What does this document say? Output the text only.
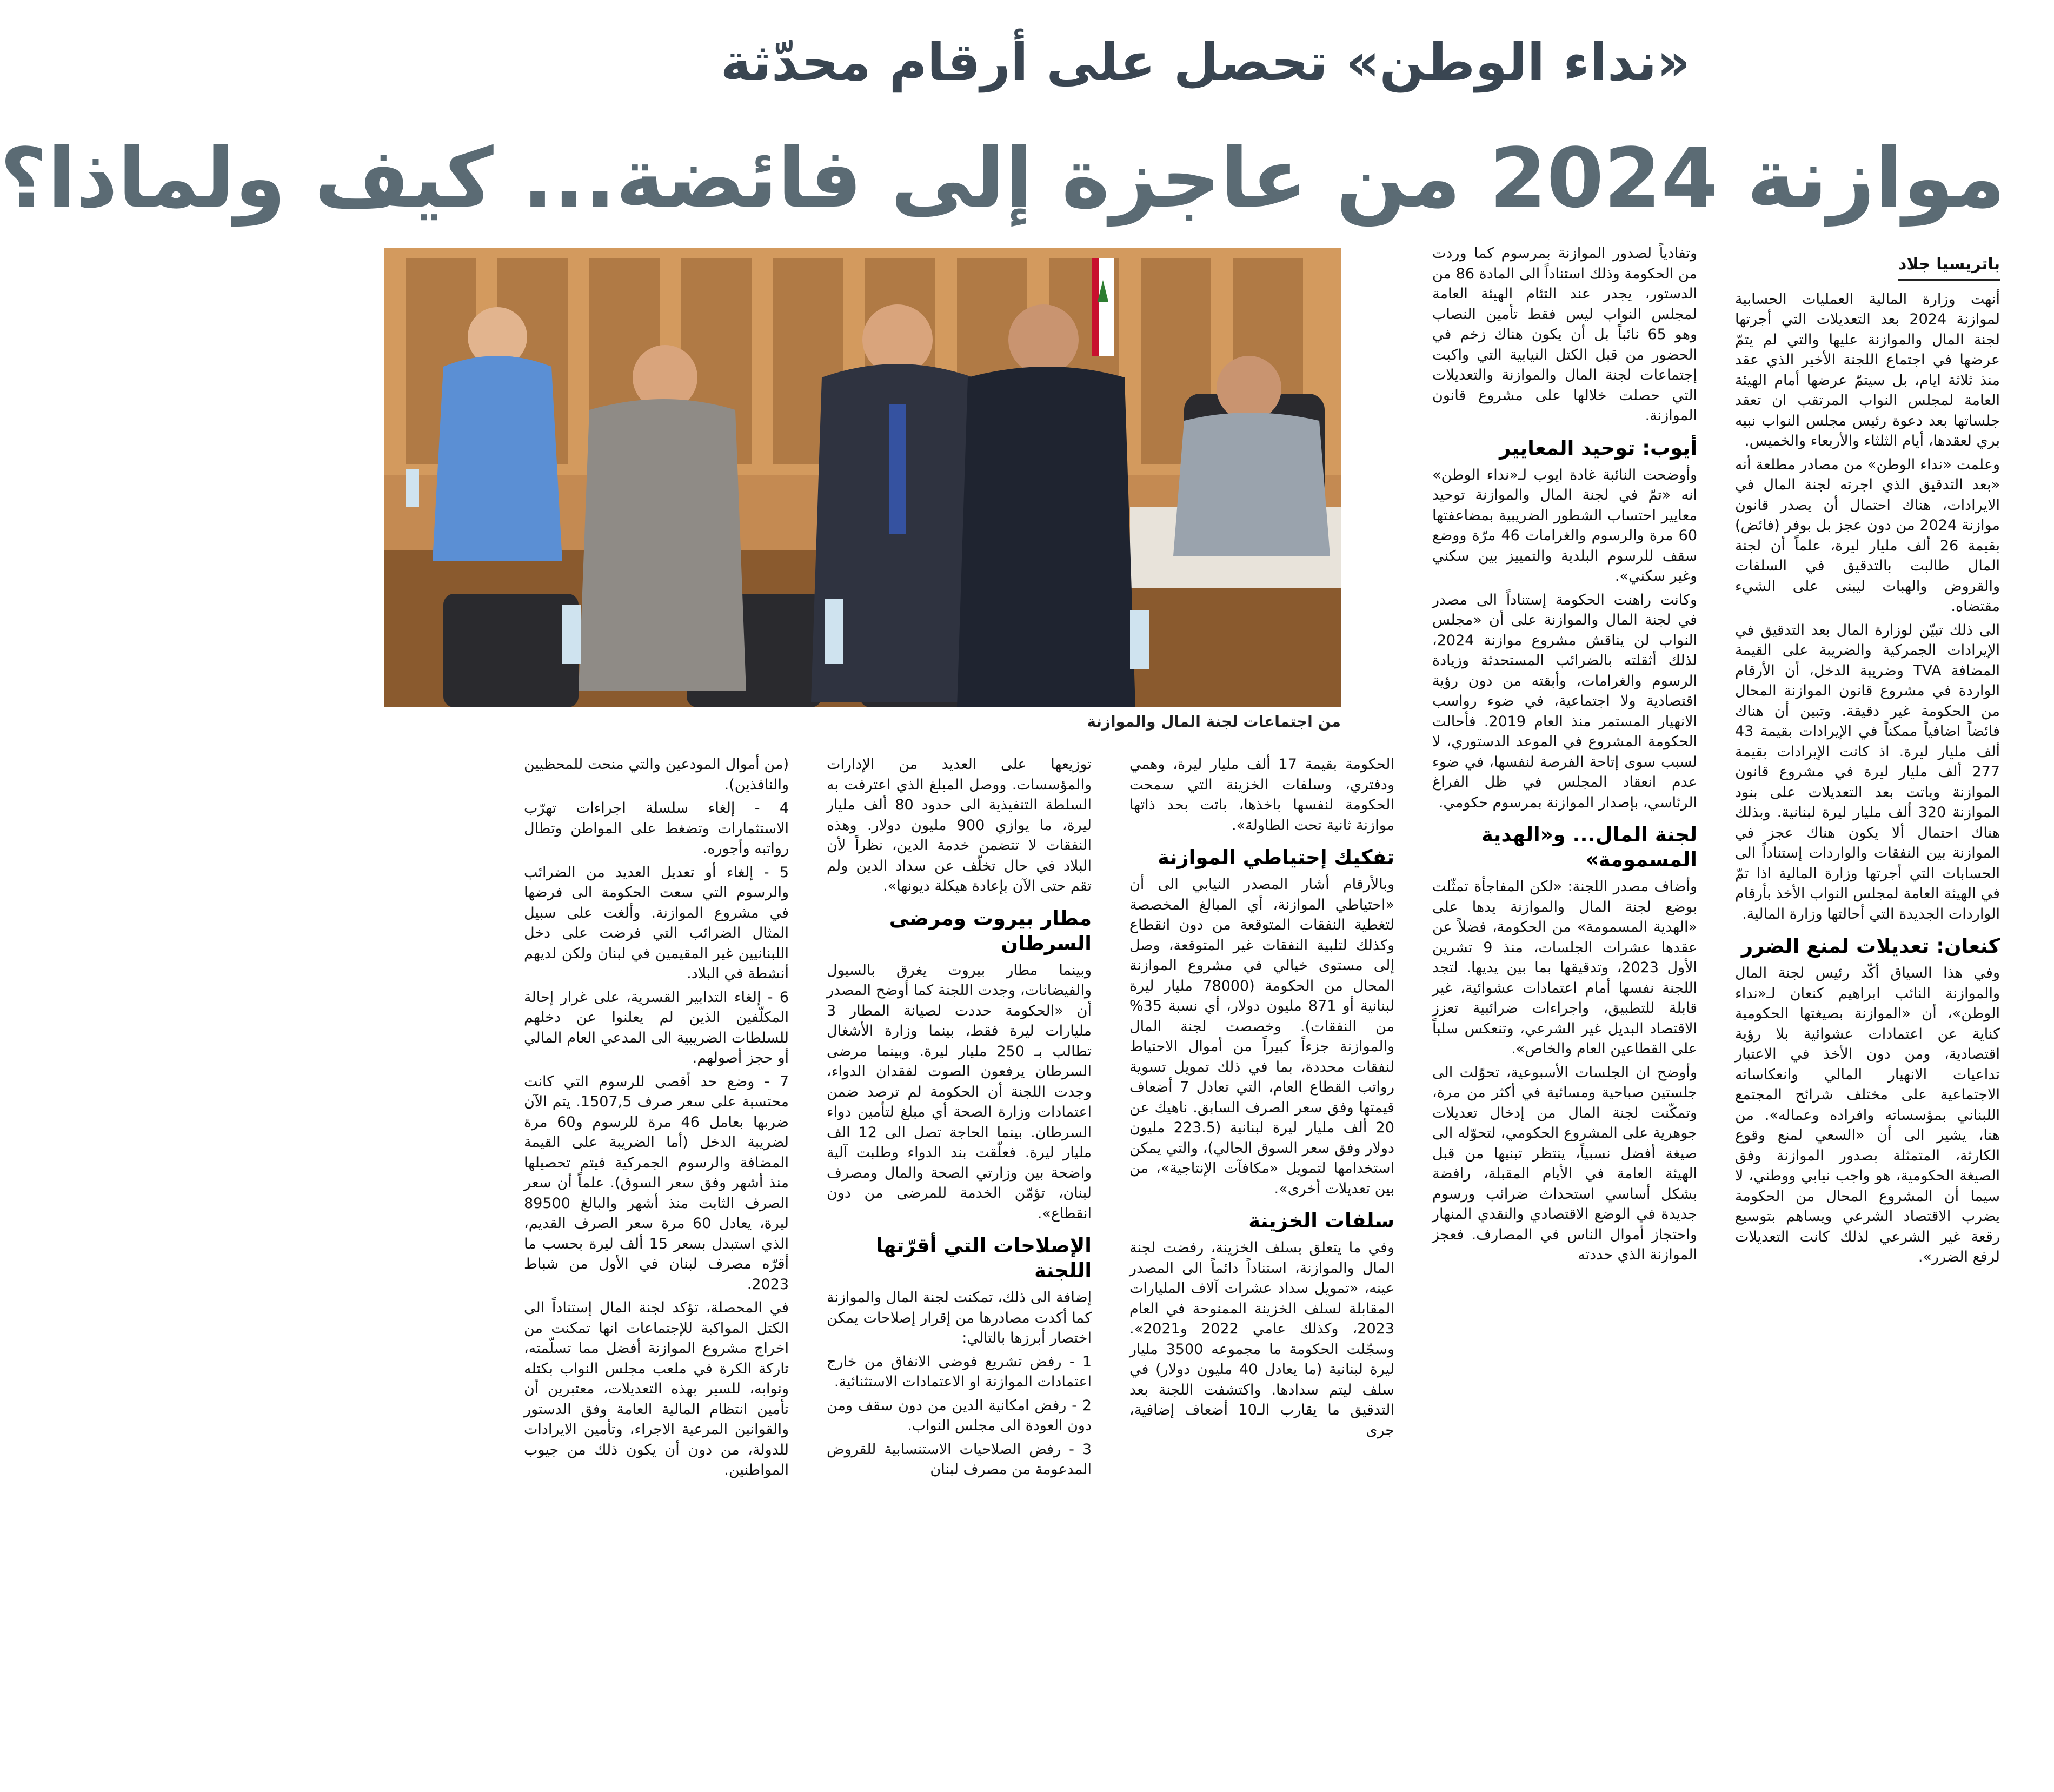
«نداء الوطن» تحصل على أرقام محدّثة
موازنة 2024 من عاجزة إلى فائضة... كيف ولماذا؟
باتريسيا جلاد

أنهت وزارة المالية العمليات الحسابية لموازنة 2024 بعد التعديلات التي أجرتها لجنة المال والموازنة عليها والتي لم يتمّ عرضها في اجتماع اللجنة الأخير الذي عقد منذ ثلاثة ايام، بل سيتمّ عرضها أمام الهيئة العامة لمجلس النواب المرتقب ان تعقد جلساتها بعد دعوة رئيس مجلس النواب نبيه بري لعقدها، أيام الثلثاء والأربعاء والخميس.

وعلمت «نداء الوطن» من مصادر مطلعة أنه «بعد التدقيق الذي اجرته لجنة المال في الايرادات، هناك احتمال أن يصدر قانون موازنة 2024 من دون عجز بل بوفر (فائض) بقيمة 26 ألف مليار ليرة، علماً أن لجنة المال طالبت بالتدقيق في السلفات والقروض والهبات ليبنى على الشيء مقتضاه.

الى ذلك تبيّن لوزارة المال بعد التدقيق في الإيرادات الجمركية والضريبة على القيمة المضافة TVA وضريبة الدخل، أن الأرقام الواردة في مشروع قانون الموازنة المحال من الحكومة غير دقيقة. وتبين أن هناك فائضاً اضافياً ممكناً في الإيرادات بقيمة 43 ألف مليار ليرة. اذ كانت الإيرادات بقيمة 277 ألف مليار ليرة في مشروع قانون الموازنة وباتت بعد التعديلات على بنود الموازنة 320 ألف مليار ليرة لبنانية. وبذلك هناك احتمال ألا يكون هناك عجز في الموازنة بين النفقات والواردات إستناداً الى الحسابات التي أجرتها وزارة المالية اذا تمّ في الهيئة العامة لمجلس النواب الأخذ بأرقام الواردات الجديدة التي أحالتها وزارة المالية.

كنعان: تعديلات لمنع الضرر

وفي هذا السياق أكّد رئيس لجنة المال والموازنة النائب ابراهيم كنعان لـ«نداء الوطن»، أن «الموازنة بصيغتها الحكومية كناية عن اعتمادات عشوائية بلا رؤية اقتصادية، ومن دون الأخذ في الاعتبار تداعيات الانهيار المالي وانعكاساته الاجتماعية على مختلف شرائح المجتمع اللبناني بمؤسساته وافراده وعماله». من هنا، يشير الى أن «السعي لمنع وقوع الكارثة، المتمثلة بصدور الموازنة وفق الصيغة الحكومية، هو واجب نيابي ووطني، لا سيما أن المشروع المحال من الحكومة يضرب الاقتصاد الشرعي ويساهم بتوسيع رقعة غير الشرعي لذلك كانت التعديلات لرفع الضرر».

وتفادياً لصدور الموازنة بمرسوم كما وردت من الحكومة وذلك استناداً الى المادة 86 من الدستور، يجدر عند التئام الهيئة العامة لمجلس النواب ليس فقط تأمين النصاب وهو 65 نائباً بل أن يكون هناك زخم في الحضور من قبل الكتل النيابية التي واكبت إجتماعات لجنة المال والموازنة والتعديلات التي حصلت خلالها على مشروع قانون الموازنة.

أيوب: توحيد المعايير

وأوضحت النائبة غادة ايوب لـ«نداء الوطن» انه «تمّ في لجنة المال والموازنة توحيد معايير احتساب الشطور الضريبية بمضاعفتها 60 مرة والرسوم والغرامات 46 مرّة ووضع سقف للرسوم البلدية والتمييز بين سكني وغير سكني».

وكانت راهنت الحكومة إستناداً الى مصدر في لجنة المال والموازنة على أن «مجلس النواب لن يناقش مشروع موازنة 2024، لذلك أثقلته بالضرائب المستحدثة وزيادة الرسوم والغرامات، وأبقته من دون رؤية اقتصادية ولا اجتماعية، في ضوء رواسب الانهيار المستمر منذ العام 2019. فأحالت الحكومة المشروع في الموعد الدستوري، لا لسبب سوى إتاحة الفرصة لنفسها، في ضوء عدم انعقاد المجلس في ظل الفراغ الرئاسي، بإصدار الموازنة بمرسوم حكومي.

لجنة المال... و«الهدية المسمومة»

وأضاف مصدر اللجنة: «لكن المفاجأة تمثّلت بوضع لجنة المال والموازنة يدها على «الهدية المسمومة» من الحكومة، فضلاً عن عقدها عشرات الجلسات، منذ 9 تشرين الأول 2023، وتدقيقها بما بين يديها. لتجد اللجنة نفسها أمام اعتمادات عشوائية، غير قابلة للتطبيق، واجراءات ضرائبية تعزز الاقتصاد البديل غير الشرعي، وتنعكس سلباً على القطاعين العام والخاص».

وأوضح ان الجلسات الأسبوعية، تحوّلت الى جلستين صباحية ومسائية في أكثر من مرة، وتمكّنت لجنة المال من إدخال تعديلات جوهرية على المشروع الحكومي، لتحوّله الى صيغة أفضل نسبياً، ينتظر تبنيها من قبل الهيئة العامة في الأيام المقبلة، رافضة بشكل أساسي استحداث ضرائب ورسوم جديدة في الوضع الاقتصادي والنقدي المنهار واحتجاز أموال الناس في المصارف. فعجز الموازنة الذي حددته

من اجتماعات لجنة المال والموازنة

الحكومة بقيمة 17 ألف مليار ليرة، وهمي ودفتري، وسلفات الخزينة التي سمحت الحكومة لنفسها باخذها، باتت بحد ذاتها موازنة ثانية تحت الطاولة».

تفكيك إحتياطي الموازنة

وبالأرقام أشار المصدر النيابي الى أن «احتياطي الموازنة، أي المبالغ المخصصة لتغطية النفقات المتوقعة من دون انقطاع وكذلك لتلبية النفقات غير المتوقعة، وصل إلى مستوى خيالي في مشروع الموازنة المحال من الحكومة (78000 مليار ليرة لبنانية أو 871 مليون دولار، أي نسبة 35% من النفقات). وخصصت لجنة المال والموازنة جزءاً كبيراً من أموال الاحتياط لنفقات محددة، بما في ذلك تمويل تسوية رواتب القطاع العام، التي تعادل 7 أضعاف قيمتها وفق سعر الصرف السابق. ناهيك عن 20 ألف مليار ليرة لبنانية (223.5 مليون دولار وفق سعر السوق الحالي)، والتي يمكن استخدامها لتمويل «مكافآت الإنتاجية»، من بين تعديلات أخرى».

سلفات الخزينة

وفي ما يتعلق بسلف الخزينة، رفضت لجنة المال والموازنة، استناداً دائماً الى المصدر عينه، «تمويل سداد عشرات آلاف المليارات المقابلة لسلف الخزينة الممنوحة في العام 2023، وكذلك عامي 2022 و2021». وسجّلت الحكومة ما مجموعه 3500 مليار ليرة لبنانية (ما يعادل 40 مليون دولار) في سلف ليتم سدادها. واكتشفت اللجنة بعد التدقيق ما يقارب الـ10 أضعاف إضافية، جرى

توزيعها على العديد من الإدارات والمؤسسات. ووصل المبلغ الذي اعترفت به السلطة التنفيذية الى حدود 80 ألف مليار ليرة، ما يوازي 900 مليون دولار. وهذه النفقات لا تتضمن خدمة الدين، نظراً لأن البلاد في حال تخلّف عن سداد الدين ولم تقم حتى الآن بإعادة هيكلة ديونها».

مطار بيروت ومرضى السرطان

وبينما مطار بيروت يغرق بالسيول والفيضانات، وجدت اللجنة كما أوضح المصدر أن «الحكومة حددت لصيانة المطار 3 مليارات ليرة فقط، بينما وزارة الأشغال تطالب بـ 250 مليار ليرة. وبينما مرضى السرطان يرفعون الصوت لفقدان الدواء، وجدت اللجنة أن الحكومة لم ترصد ضمن اعتمادات وزارة الصحة أي مبلغ لتأمين دواء السرطان. بينما الحاجة تصل الى 12 الف مليار ليرة. فعلّقت بند الدواء وطلبت آلية واضحة بين وزارتي الصحة والمال ومصرف لبنان، تؤمّن الخدمة للمرضى من دون انقطاع».

الإصلاحات التي أقرّتها اللجنة

إضافة الى ذلك، تمكنت لجنة المال والموازنة كما أكدت مصادرها من إقرار إصلاحات يمكن اختصار أبرزها بالتالي:

1 - رفض تشريع فوضى الانفاق من خارج اعتمادات الموازنة او الاعتمادات الاستثنائية.

2 - رفض امكانية الدين من دون سقف ومن دون العودة الى مجلس النواب.

3 - رفض الصلاحيات الاستنسابية للقروض المدعومة من مصرف لبنان

(من أموال المودعين والتي منحت للمحظيين والنافذين).

4 - إلغاء سلسلة اجراءات تهرّب الاستثمارات وتضغط على المواطن وتطال رواتبه وأجوره.

5 - إلغاء أو تعديل العديد من الضرائب والرسوم التي سعت الحكومة الى فرضها في مشروع الموازنة. وألغت على سبيل المثال الضرائب التي فرضت على دخل اللبنانيين غير المقيمين في لبنان ولكن لديهم أنشطة في البلاد.

6 - إلغاء التدابير القسرية، على غرار إحالة المكلّفين الذين لم يعلنوا عن دخلهم للسلطات الضريبية الى المدعي العام المالي أو حجز أصولهم.

7 - وضع حد أقصى للرسوم التي كانت محتسبة على سعر صرف 1507,5. يتم الآن ضربها بعامل 46 مرة للرسوم و60 مرة لضريبة الدخل (أما الضريبة على القيمة المضافة والرسوم الجمركية فيتم تحصيلها منذ أشهر وفق سعر السوق). علماً أن سعر الصرف الثابت منذ أشهر والبالغ 89500 ليرة، يعادل 60 مرة سعر الصرف القديم، الذي استبدل بسعر 15 ألف ليرة بحسب ما أقرّه مصرف لبنان في الأول من شباط 2023.

في المحصلة، تؤكد لجنة المال إستناداً الى الكتل المواكبة للإجتماعات انها تمكنت من اخراج مشروع الموازنة أفضل مما تسلّمته، تاركة الكرة في ملعب مجلس النواب بكتله ونوابه، للسير بهذه التعديلات، معتبرين أن تأمين انتظام المالية العامة وفق الدستور والقوانين المرعية الاجراء، وتأمين الايرادات للدولة، من دون أن يكون ذلك من جيوب المواطنين.
